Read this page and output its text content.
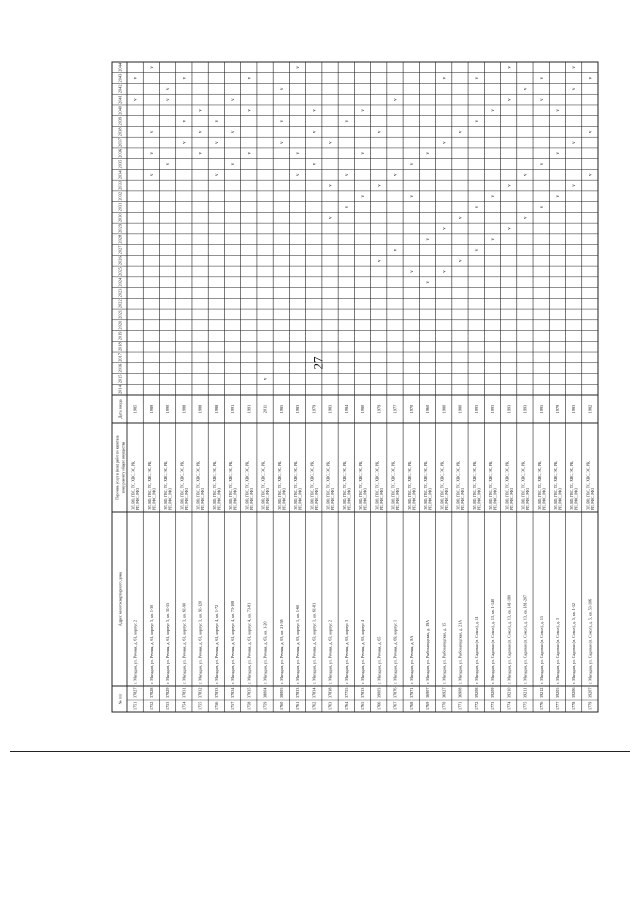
27
№ п/п
Адрес многоквартирного дома
Перечень услуг и (или) работ по капиталь ному ремонту общего имущества
Дата ввода
2014
2015
2016
2017
2018
2019
2020
2021
2022
2023
2024
2025
2026
2027
2028
2029
2030
2031
2032
2033
2034
2035
2036
2037
2038
2039
2040
2041
2042
2043
2044
1751
37827
г. Магадан, ул. Речная, д. 61, корпус 2
ЭЛ, ВО, ГВС, ТС, ХВС, ЭС, РК, РП, РФС, РФЗ
1985
v
v
1752
37828
г. Магадан, ул. Речная, д. 61, корпус 3, кв. 1-30
ЭЛ, ВО, ГВС, ТС, ХВС, ЭС, РК, РП, РФС, РФЗ
1989
v
v
v
v
1753
37829
г. Магадан, ул. Речная, д. 61, корпус 3, кв. 31-55
ЭЛ, ВО, ГВС, ТС, ХВС, ЭС, РК, РП, РФС, РФЗ
1990
v
v
v
1754
37831
г. Магадан, ул. Речная, д. 61, корпус 3, кв. 61-90
ЭЛ, ВО, ГВС, ТС, ХВС, ЭС, РК, РП, РФС, РФЗ
1988
v
v
v
1755
37832
г. Магадан, ул. Речная, д. 61, корпус 3, кв. 91-120
ЭЛ, ВО, ГВС, ТС, ХВС, ЭС, РК, РП, РФС, РФЗ
1988
v
v
v
1756
37833
г. Магадан, ул. Речная, д. 61, корпус 4, кв. 1-72
ЭЛ, ВО, ГВС, ТС, ХВС, ЭС, РК, РП, РФС, РФЗ
1988
v
v
v
1757
37834
г. Магадан, ул. Речная, д. 61, корпус 4, кв. 73-108
ЭЛ, ВО, ГВС, ТС, ХВС, ЭС, РК, РП, РФС, РФЗ
1991
v
v
v
1758
37835
г. Магадан, ул. Речная, д. 61, корпус 4, кв. 73-81
ЭЛ, ВО, ГВС, ТС, ХВС, ЭС, РК, РП, РФС, РФЗ
1991
v
v
v
1759
38004
г. Магадан, ул. Речная, д. 63, кв. 1-20
ЭЛ, ВО, ГВС, ТС, ХВС, ЭС, РК, РП, РФС, РФЗ
2011
v
1760
38005
г. Магадан, ул. Речная, д. 63, кв. 21-58
ЭЛ, ВО, ГВС, ТС, ХВС, ЭС, РК, РП, РФС, РФЗ
1985
v
v
v
1761
37833
г. Магадан, ул. Речная, д. 63, корпус 1, кв. 1-60
ЭЛ, ВО, ГВС, ТС, ХВС, ЭС, РК, РП, РФС, РФЗ
1983
v
v
v
1762
37834
г. Магадан, ул. Речная, д. 63, корпус 1, кв. 61-81
ЭЛ, ВО, ГВС, ТС, ХВС, ЭС, РК, РП, РФС, РФЗ
1979
v
v
v
1763
37838
г. Магадан, ул. Речная, д. 63, корпус 2
ЭЛ, ВО, ГВС, ТС, ХВС, ЭС, РК, РП, РФС, РФЗ
1983
v
v
v
1764
37755
г. Магадан, ул. Речная, д. 63, корпус 3
ЭЛ, ВО, ГВС, ТС, ХВС, ЭС, РК, РП, РФС, РФЗ
1984
v
v
v
1765
37833
г. Магадан, ул. Речная, д. 63, корпус 4
ЭЛ, ВО, ГВС, ТС, ХВС, ЭС, РК, РП, РФС, РФЗ
1980
v
v
v
1766
39003
г. Магадан, ул. Речная, д. 65
ЭЛ, ВО, ГВС, ТС, ХВС, ЭС, РК, РП, РФС, РФЗ
1979
v
v
v
1767
37876
г. Магадан, ул. Речная, д. 69, корпус 1
ЭЛ, ВО, ГВС, ТС, ХВС, ЭС, РК, РП, РФС, РФЗ
1977
v
v
v
1768
37871
г. Магадан, ул. Речная, д. 8А
ЭЛ, ВО, ГВС, ТС, ХВС, ЭС, РК, РП, РФС, РФЗ
1970
v
v
v
1769
36907
г. Магадан, ул. Рыбозаводская, д. 19А
ЭЛ, ВО, ГВС, ТС, ХВС, ЭС, РК, РП, РФС, РФЗ
1960
v
v
v
1770
36927
г. Магадан, ул. Рыбозаводская, д. 15
ЭЛ, ВО, ГВС, ТС, ХВС, ЭС, РК, РП, РФС, РФЗ
1980
v
v
v
v
1771
36908
г. Магадан, ул. Рыбозаводская, д. 21А
ЭЛ, ВО, ГВС, ТС, ХВС, ЭС, РК, РП, РФС, РФЗ
1980
v
v
v
1772
39208
г. Магадан, ул. Садовая (п. Сокол), д. 11
ЭЛ, ВО, ГВС, ТС, ХВС, ЭС, РК, РП, РФС, РФЗ
1993
v
v
v
v
1773
39209
г. Магадан, ул. Садовая (п. Сокол), д. 13, кв. 1-140
ЭЛ, ВО, ГВС, ТС, ХВС, ЭС, РК, РП, РФС, РФЗ
1993
v
v
v
1774
39210
г. Магадан, ул. Садовая (п. Сокол), д. 13, кв. 141-180
ЭЛ, ВО, ГВС, ТС, ХВС, ЭС, РК, РП, РФС, РФЗ
1993
v
v
v
v
1775
39211
г. Магадан, ул. Садовая (п. Сокол), д. 13, кв. 181-207
ЭЛ, ВО, ГВС, ТС, ХВС, ЭС, РК, РП, РФС, РФЗ
1993
v
v
v
1776
39212
г. Магадан, ул. Садовая (п. Сокол), д. 15
ЭЛ, ВО, ГВС, ТС, ХВС, ЭС, РК, РП, РФС, РФЗ
1995
v
v
v
v
1777
39205
г. Магадан, ул. Садовая (п. Сокол), д. 3
ЭЛ, ВО, ГВС, ТС, ХВС, ЭС, РК, РП, РФС, РФЗ
1979
v
v
v
1778
39206
г. Магадан, ул. Садовая (п. Сокол), д. 5, кв. 1-52
ЭЛ, ВО, ГВС, ТС, ХВС, ЭС, РК, РП, РФС, РФЗ
1983
v
v
v
v
1779
39207
г. Магадан, ул. Садовая (п. Сокол), д. 5, кв. 53-106
ЭЛ, ВО, ГВС, ТС, ХВС, ЭС, РК, РП, РФС, РФЗ
1982
v
v
v
